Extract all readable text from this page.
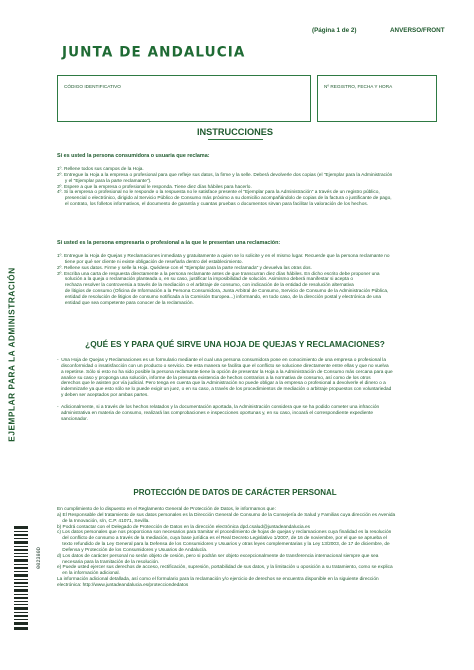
(Página 1 de 2)	ANVERSO/FRONT
JUNTA DE ANDALUCIA
CÓDIGO IDENTIFICATIVO	Nº REGISTRO, FECHA Y HORA
EJEMPLAR PARA LA ADMINISTRACIÓN
002380D
INSTRUCCIONES
Si es usted la persona consumidora o usuaria que reclama:
1º. Rellene todos sus campos de la Hoja.
2º. Entregue la Hoja a la empresa o profesional para que refleje sus datos, la firme y la selle. Deberá devolverle dos copias (el "Ejemplar para la Administración
y el "Ejemplar para la parte reclamante").
3º. Espere a que la empresa o profesional le responda. Tiene diez días hábiles para hacerlo.
4º. Si la empresa o profesional no le responde o la respuesta no le satisface presente el "Ejemplar para la Administración" a través de un registro público,
presencial o electrónico, dirigido al Servicio Público de Consumo más próximo a su domicilio acompañándolo de copias de la factura o justificante de pago,
el contrato, los folletos informativos, el documento de garantía y cuantas pruebas o documentos sirvan para facilitar la valoración de los hechos.
Si usted es la persona empresaria o profesional a la que le presentan una reclamación:
1º. Entregue la Hoja de Quejas y Reclamaciones inmediata y gratuitamente a quien se lo solicite y en el mismo lugar. Recuerde que la persona reclamante no
tiene por qué ser cliente ni existe obligación de reseñarla dentro del establecimiento.
2º. Rellene sus datos. Firme y selle la Hoja. Quédese con el "Ejemplar para la parte reclamada" y devuelva las otras dos.
3º. Escriba una carta de respuesta directamente a la persona reclamante antes de que transcurran diez días hábiles. En dicho escrito debe proponer una
solución a la queja o reclamación planteada o, en su caso, justificar la imposibilidad de solución. Asimismo deberá manifestar si acepta o
rechaza resolver la controversia a través de la mediación o el arbitraje de consumo, con indicación de la entidad de resolución alternativa
de litigios de consumo (Oficina de Información a la Persona Consumidora, Junta Arbitral de Consumo, Servicio de Consumo de la Administración Pública,
entidad de resolución de litigios de consumo notificada a la Comisión Europea...) informando, en todo caso, de la dirección postal y electrónica de una
entidad que sea competente para conocer de la reclamación.
¿QUÉ ES Y PARA QUÉ SIRVE UNA HOJA DE QUEJAS Y RECLAMACIONES?
-  Una Hoja de Quejas y Reclamaciones es un formulario mediante el cual una persona consumidora pone en conocimiento de una empresa o profesional la
disconformidad o insatisfacción con un producto o servicio. De esta manera se facilita que el conflicto se solucione directamente entre ellas y que no vuelva
a repetirse. Sólo si esto no ha sido posible la persona reclamante tiene la opción de presentar la Hoja a la Administración de Consumo más cercana para que
analice su caso y proponga una solución, informe de la presunta existencia de hechos contrarios a la normativa de consumo, así como de los otros
derechos que le asisten por vía judicial. Pero tenga en cuenta que la Administración no puede obligar a la empresa o profesional a devolverle el dinero o a
indemnizarle ya que esto sólo se lo puede exigir un juez, o en su caso, a través de los procedimientos de mediación o arbitraje propuestos con voluntariedad
y deben ser aceptados por ambas partes.
-  Adicionalmente, si a través de los hechos relatados y la documentación aportada, la Administración considera que se ha podido cometer una infracción
administrativa en materia de consumo, realizará las comprobaciones e inspecciones oportunas y, en su caso, incoará el correspondiente expediente
sancionador.
PROTECCIÓN DE DATOS DE CARÁCTER PERSONAL
En cumplimiento de lo dispuesto en el Reglamento General de Protección de Datos, le informamos que:
a) El Responsable del tratamiento de sus datos personales es la Dirección General de Consumo de la Consejería de Salud y Familias cuya dirección es Avenida
de la Innovación, s/n, C.P. 41071, Sevilla.
b) Podrá contactar con el Delegado de Protección de Datos en la dirección electrónica dpd.csalud@juntadeandalucia.es
c) Los datos personales que nos proporciona son necesarios para tramitar el procedimiento de hojas de quejas y reclamaciones cuya finalidad es la resolución
del conflicto de consumo a través de la mediación, cuya base jurídica es el Real Decreto Legislativo 1/2007, de 16 de noviembre, por el que se aprueba el
texto refundido de la Ley General para la Defensa de los Consumidores y Usuarios y otras leyes complementarias y la Ley 13/2003, de 17 de diciembre, de
Defensa y Protección de los Consumidores y Usuarios de Andalucía.
d) Los datos de carácter personal no serán objeto de cesión, pero si podrán ser objeto excepcionalmente de transferencia internacional siempre que sea
necesaria para la tramitación de la resolución.
e) Puede usted ejercer sus derechos de acceso, rectificación, supresión, portabilidad de sus datos, y la limitación u oposición a su tratamiento, como se explica
en la información adicional.
La información adicional detallada, así como el formulario para la reclamación y/o ejercicio de derechos se encuentra disponible en la siguiente dirección
electrónica: http://www.juntadeandalucia.es/protecciondedatos
